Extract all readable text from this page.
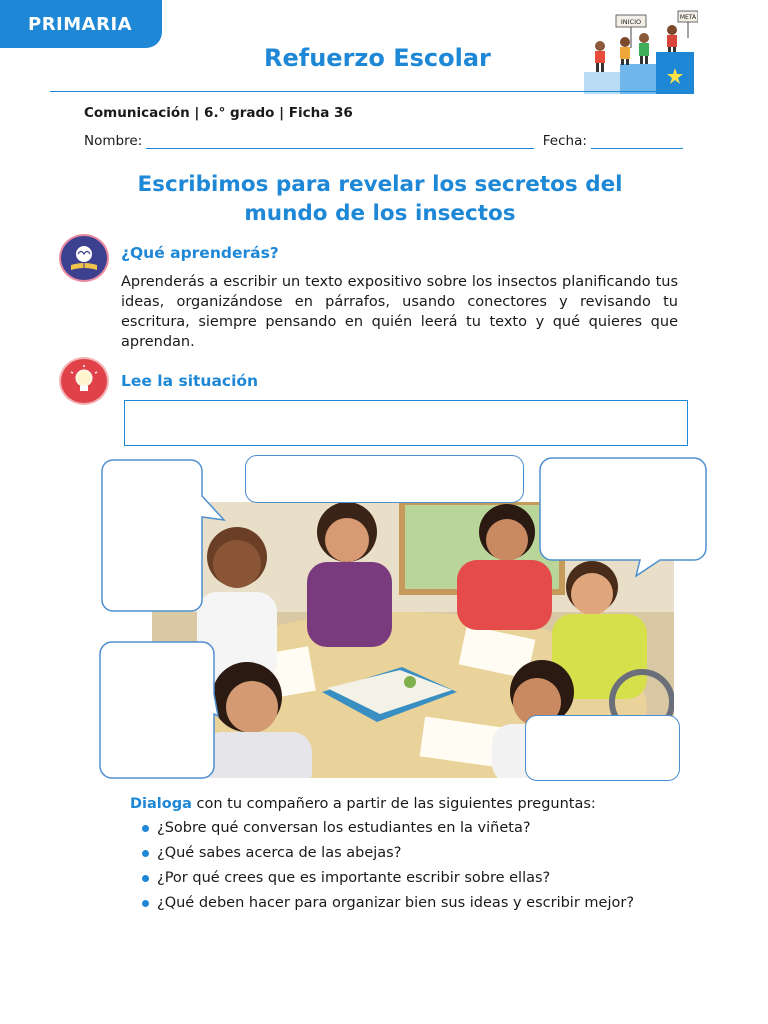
PRIMARIA
Refuerzo Escolar
INICIO
META
Comunicación | 6.° grado | Ficha 36
Nombre:	Fecha:
Escribimos para revelar los secretos del
mundo de los insectos
¿Qué aprenderás?
Aprenderás a escribir un texto expositivo sobre los insectos planificando tus ideas, organizándose en párrafos, usando conectores y revisando tu escritura, siempre pensando en quién leerá tu texto y qué quieres que aprendan.
Lee la situación
Dialoga con tu compañero a partir de las siguientes preguntas:
¿Sobre qué conversan los estudiantes en la viñeta?
¿Qué sabes acerca de las abejas?
¿Por qué crees que es importante escribir sobre ellas?
¿Qué deben hacer para organizar bien sus ideas y escribir mejor?
